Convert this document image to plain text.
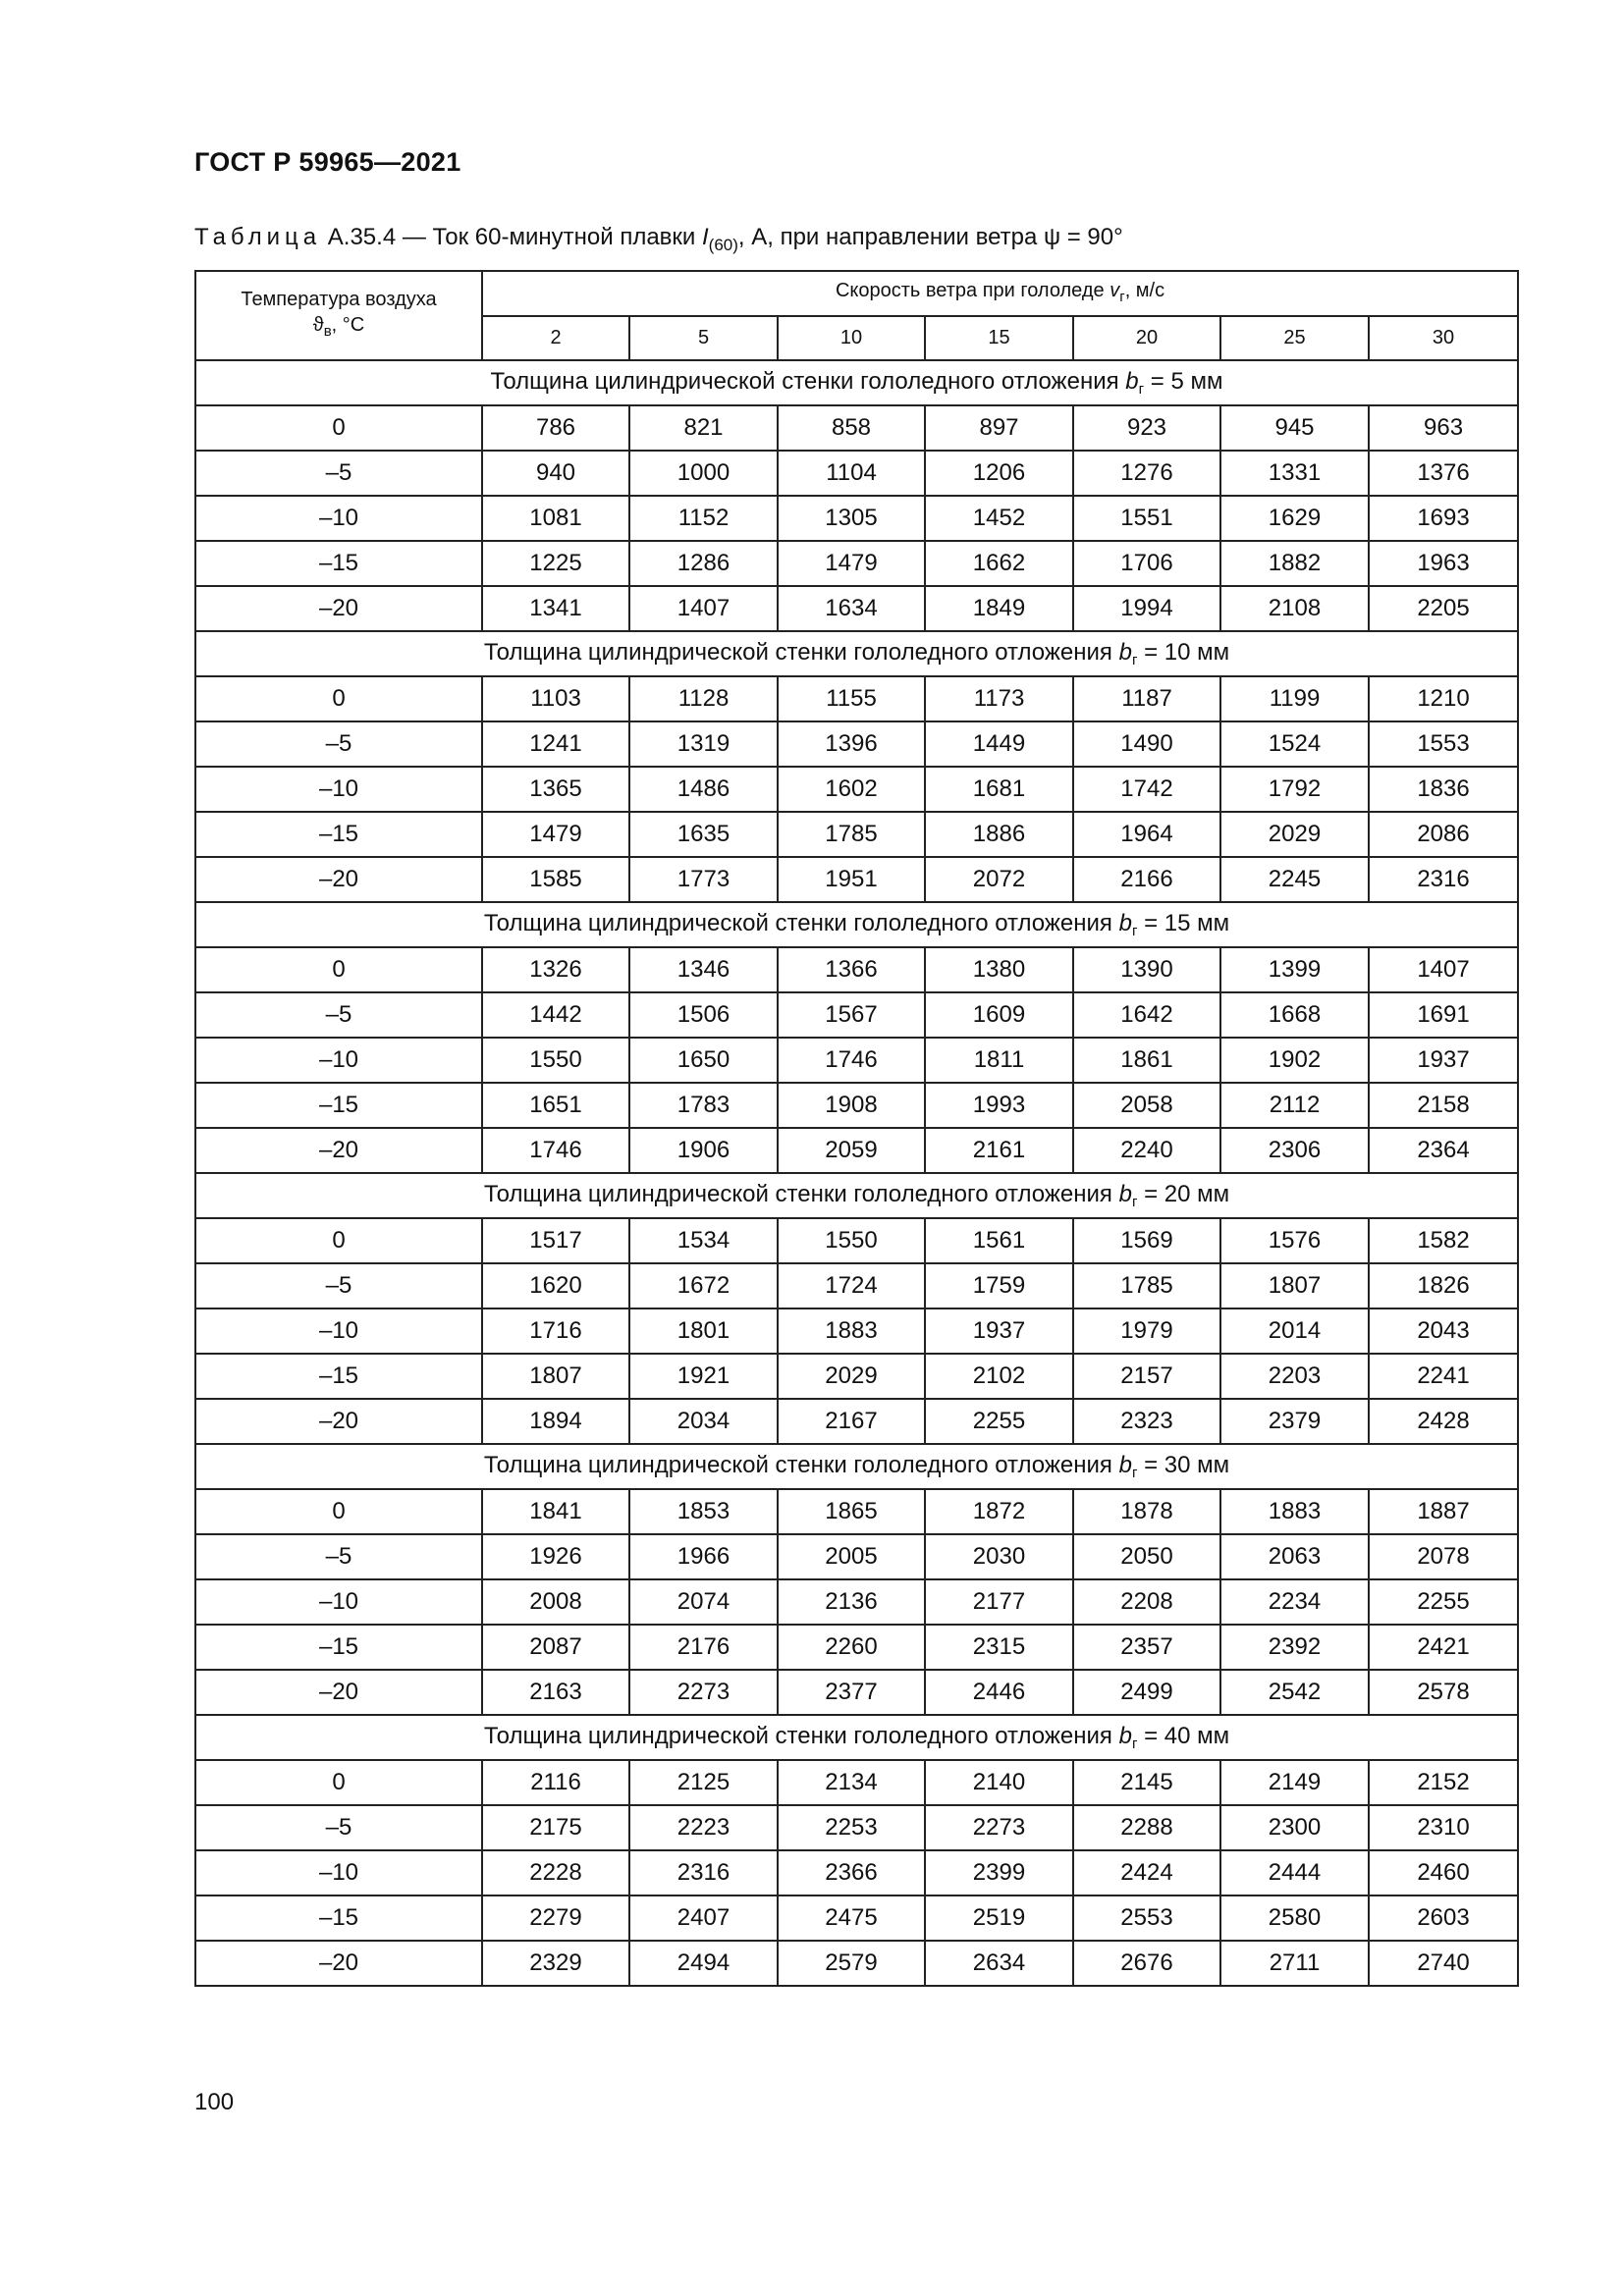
ГОСТ Р 59965—2021
Таблица А.35.4 — Ток 60-минутной плавки $I_{(60)}$, А, при направлении ветра ψ = 90°
Температура воздуха
$ϑ_в$, °С	Скорость ветра при гололеде $v_г$, м/с						
	2	5	10	15	20	25	30
Толщина цилиндрической стенки гололедного отложения $b_г = 5$ мм							
0	786	821	858	897	923	945	963
–5	940	1000	1104	1206	1276	1331	1376
–10	1081	1152	1305	1452	1551	1629	1693
–15	1225	1286	1479	1662	1706	1882	1963
–20	1341	1407	1634	1849	1994	2108	2205
Толщина цилиндрической стенки гололедного отложения $b_г = 10$ мм							
0	1103	1128	1155	1173	1187	1199	1210
–5	1241	1319	1396	1449	1490	1524	1553
–10	1365	1486	1602	1681	1742	1792	1836
–15	1479	1635	1785	1886	1964	2029	2086
–20	1585	1773	1951	2072	2166	2245	2316
Толщина цилиндрической стенки гололедного отложения $b_г = 15$ мм							
0	1326	1346	1366	1380	1390	1399	1407
–5	1442	1506	1567	1609	1642	1668	1691
–10	1550	1650	1746	1811	1861	1902	1937
–15	1651	1783	1908	1993	2058	2112	2158
–20	1746	1906	2059	2161	2240	2306	2364
Толщина цилиндрической стенки гололедного отложения $b_г = 20$ мм							
0	1517	1534	1550	1561	1569	1576	1582
–5	1620	1672	1724	1759	1785	1807	1826
–10	1716	1801	1883	1937	1979	2014	2043
–15	1807	1921	2029	2102	2157	2203	2241
–20	1894	2034	2167	2255	2323	2379	2428
Толщина цилиндрической стенки гололедного отложения $b_г = 30$ мм							
0	1841	1853	1865	1872	1878	1883	1887
–5	1926	1966	2005	2030	2050	2063	2078
–10	2008	2074	2136	2177	2208	2234	2255
–15	2087	2176	2260	2315	2357	2392	2421
–20	2163	2273	2377	2446	2499	2542	2578
Толщина цилиндрической стенки гололедного отложения $b_г = 40$ мм							
0	2116	2125	2134	2140	2145	2149	2152
–5	2175	2223	2253	2273	2288	2300	2310
–10	2228	2316	2366	2399	2424	2444	2460
–15	2279	2407	2475	2519	2553	2580	2603
–20	2329	2494	2579	2634	2676	2711	2740
100
